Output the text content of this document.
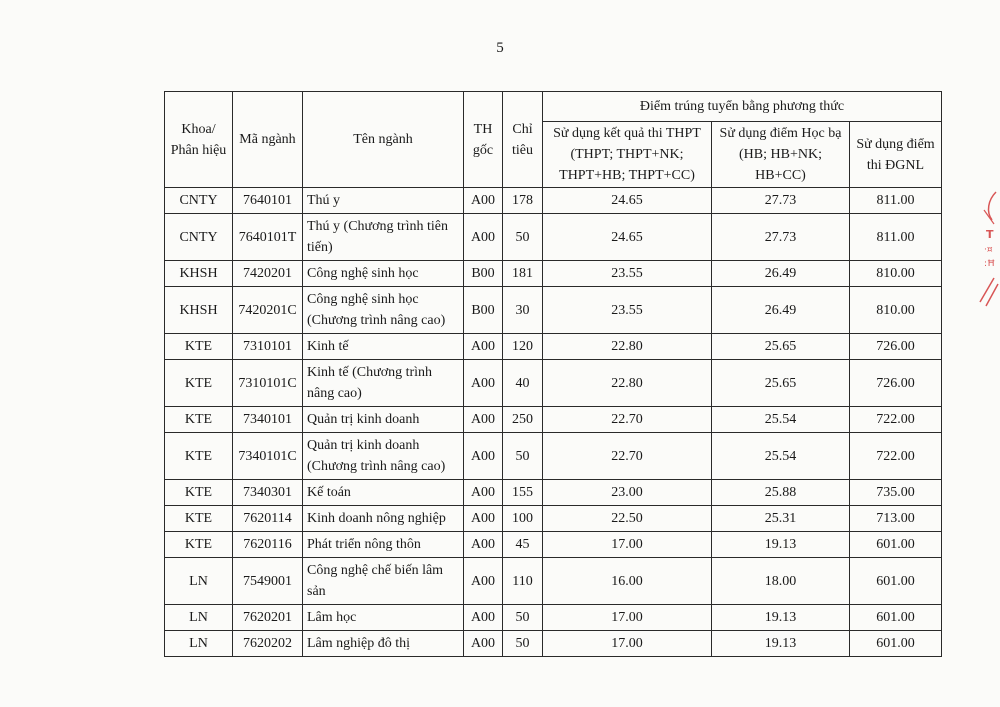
5
Khoa/ Phân hiệu	Mã ngành	Tên ngành	TH gốc	Chỉ tiêu	Điểm trúng tuyển bằng phương thức		
					Sử dụng kết quả thi THPT (THPT; THPT+NK; THPT+HB; THPT+CC)	Sử dụng điểm Học bạ (HB; HB+NK; HB+CC)	Sử dụng điểm thi ĐGNL
CNTY	7640101	Thú y	A00	178	24.65	27.73	811.00
CNTY	7640101T	Thú y (Chương trình tiên tiến)	A00	50	24.65	27.73	811.00
KHSH	7420201	Công nghệ sinh học	B00	181	23.55	26.49	810.00
KHSH	7420201C	Công nghệ sinh học (Chương trình nâng cao)	B00	30	23.55	26.49	810.00
KTE	7310101	Kinh tế	A00	120	22.80	25.65	726.00
KTE	7310101C	Kinh tế (Chương trình nâng cao)	A00	40	22.80	25.65	726.00
KTE	7340101	Quản trị kinh doanh	A00	250	22.70	25.54	722.00
KTE	7340101C	Quản trị kinh doanh (Chương trình nâng cao)	A00	50	22.70	25.54	722.00
KTE	7340301	Kế toán	A00	155	23.00	25.88	735.00
KTE	7620114	Kinh doanh nông nghiệp	A00	100	22.50	25.31	713.00
KTE	7620116	Phát triển nông thôn	A00	45	17.00	19.13	601.00
LN	7549001	Công nghệ chế biến lâm sản	A00	110	16.00	18.00	601.00
LN	7620201	Lâm học	A00	50	17.00	19.13	601.00
LN	7620202	Lâm nghiệp đô thị	A00	50	17.00	19.13	601.00
T
·¤
:Ħ
